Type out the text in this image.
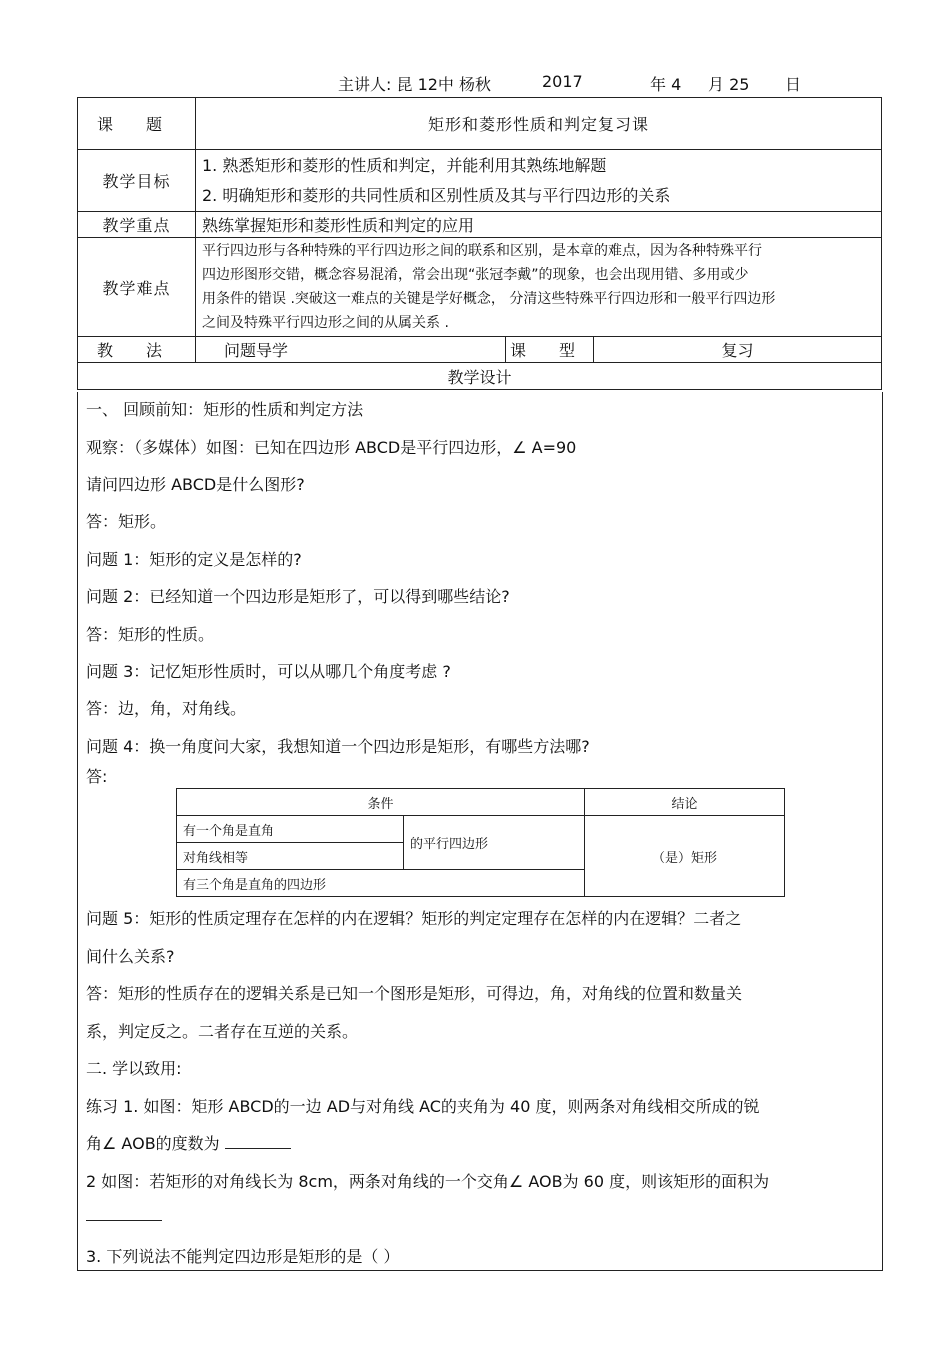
主讲人: 昆 12中 杨秋

	2017

	年 4

月 25

日

课 题	矩形和菱形性质和判定复习课		
教学目标	1. 熟悉矩形和菱形的性质和判定，并能利用其熟练地解题
2. 明确矩形和菱形的共同性质和区别性质及其与平行四边形的关系		

教学重点	熟练掌握矩形和菱形性质和判定的应用		
教学难点	平行四边形与各种特殊的平行四边形之间的联系和区别，是本章的难点，因为各种特殊平行
四边形图形交错，概念容易混淆，常会出现“张冠李戴”的现象，也会出现用错、多用或少
用条件的错误 .突破这一难点的关键是学好概念， 分清这些特殊平行四边形和一般平行四边形
之间及特殊平行四边形之间的从属关系 .		

教 法	问题导学	课 型	复习
教学设计			
一、 回顾前知：矩形的性质和判定方法
观察：（多媒体）如图：已知在四边形 ABCD是平行四边形，∠ A=90
请问四边形 ABCD是什么图形?
答：矩形。
问题 1：矩形的定义是怎样的?
问题 2：已经知道一个四边形是矩形了，可以得到哪些结论?
答：矩形的性质。
问题 3：记忆矩形性质时，可以从哪几个角度考虑 ?
答：边，角，对角线。
问题 4：换一角度问大家，我想知道一个四边形是矩形，有哪些方法哪?
答:
条件		结论
有一个角是直角	的平行四边形	（是）矩形
对角线相等		
有三个角是直角的四边形		
问题 5：矩形的性质定理存在怎样的内在逻辑？矩形的判定定理存在怎样的内在逻辑？二者之
间什么关系?
答：矩形的性质存在的逻辑关系是已知一个图形是矩形，可得边，角，对角线的位置和数量关
系，判定反之。二者存在互逆的关系。
二. 学以致用:
练习 1. 如图：矩形 ABCD的一边 AD与对角线 AC的夹角为 40 度，则两条对角线相交所成的锐
角∠ AOB的度数为
2 如图：若矩形的对角线长为 8cm，两条对角线的一个交角∠ AOB为 60 度，则该矩形的面积为
3. 下列说法不能判定四边形是矩形的是（ ）
